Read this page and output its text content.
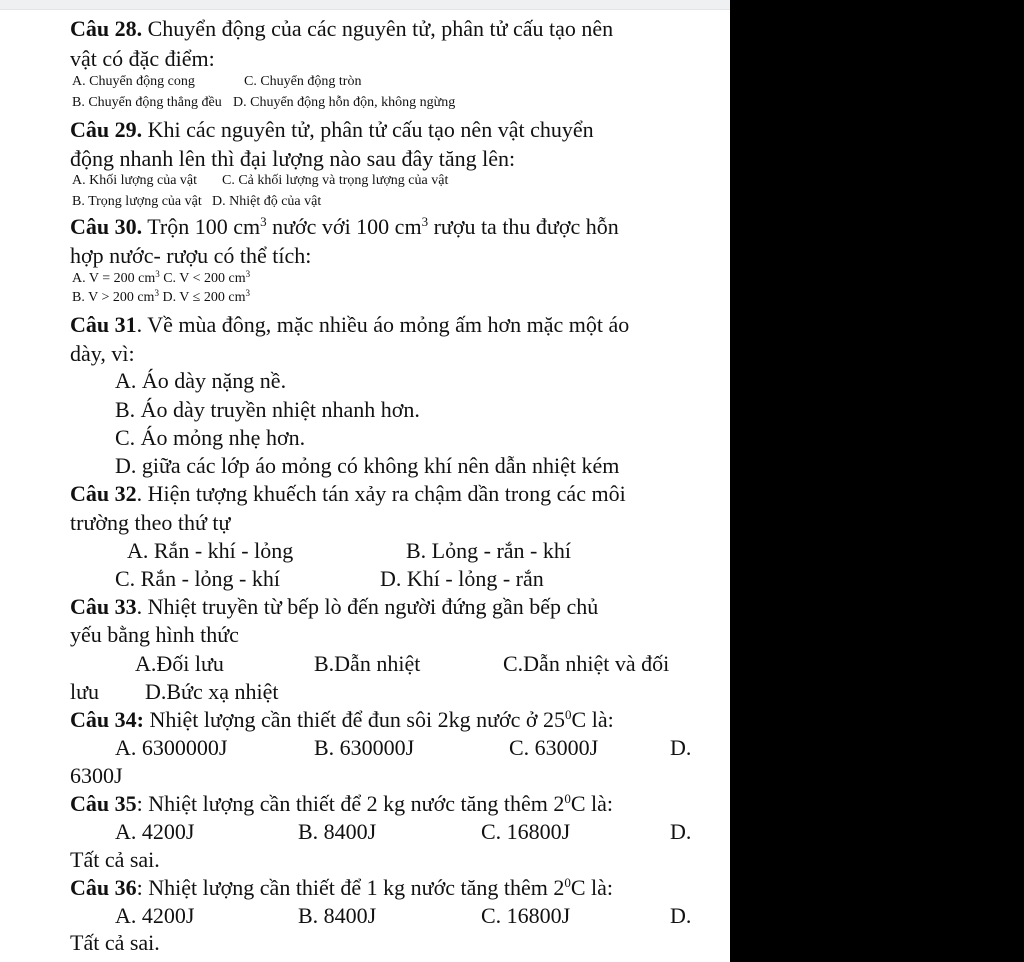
Câu 28. Chuyển động của các nguyên tử, phân tử cấu tạo nên
vật có đặc điểm:
A. Chuyển động cong	C. Chuyển động tròn
B. Chuyển động thẳng đều D. Chuyển động hỗn độn, không ngừng
Câu 29. Khi các nguyên tử, phân tử cấu tạo nên vật chuyển
động nhanh lên thì đại lượng nào sau đây tăng lên:
A. Khối lượng của vật C. Cả khối lượng và trọng lượng của vật
B. Trọng lượng của vật D. Nhiệt độ của vật
Câu 30. Trộn 100 $cm^3$ nước với 100 $cm^3$ rượu ta thu được hỗn
hợp nước- rượu có thể tích:
A. V = 200 $cm^3$ C. V < 200 $cm^3$
B. V > 200 $cm^3$ D. V ≤ 200 $cm^3$
Câu 31. Về mùa đông, mặc nhiều áo mỏng ấm hơn mặc một áo
dày, vì:
A. Áo dày nặng nề.
B. Áo dày truyền nhiệt nhanh hơn.
C. Áo mỏng nhẹ hơn.
D. giữa các lớp áo mỏng có không khí nên dẫn nhiệt kém
Câu 32. Hiện tượng khuếch tán xảy ra chậm dần trong các môi
trường theo thứ tự
A. Rắn - khí - lỏng	B. Lỏng - rắn - khí
C. Rắn - lỏng - khí	D. Khí - lỏng - rắn
Câu 33. Nhiệt truyền từ bếp lò đến người đứng gần bếp chủ
yếu bằng hình thức
A.Đối lưu	B.Dẫn nhiệt	C.Dẫn nhiệt và đối
lưu D.Bức xạ nhiệt
Câu 34: Nhiệt lượng cần thiết để đun sôi 2kg nước ở $25^0C$ là:
A. 6300000J	B. 630000J	C. 63000J	D.
6300J
Câu 35: Nhiệt lượng cần thiết để 2 kg nước tăng thêm $2^0C$ là:
A. 4200J	B. 8400J	C. 16800J	D.
Tất cả sai.
Câu 36: Nhiệt lượng cần thiết để 1 kg nước tăng thêm $2^0C$ là:
A. 4200J	B. 8400J	C. 16800J	D.
Tất cả sai.
